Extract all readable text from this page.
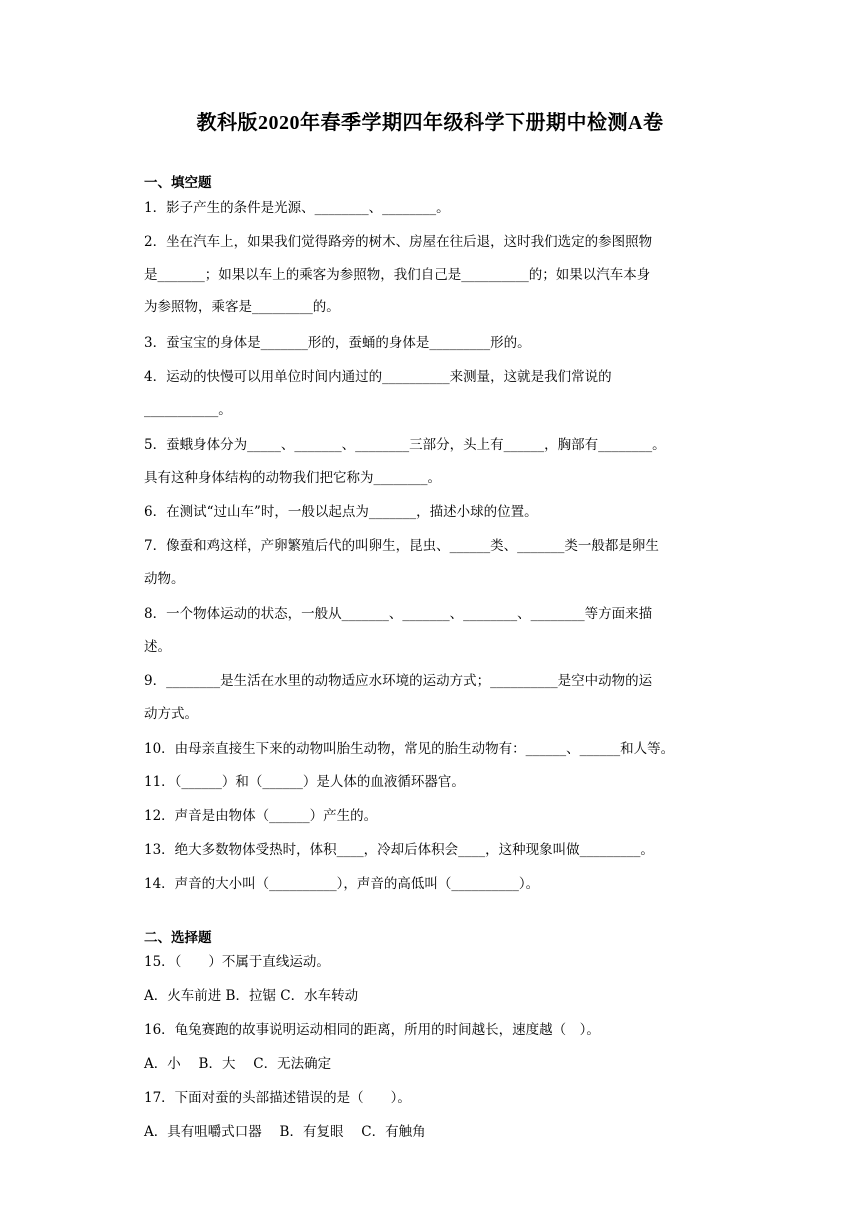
教科版2020年春季学期四年级科学下册期中检测A卷
一、填空题
1．影子产生的条件是光源、________、________。
2．坐在汽车上，如果我们觉得路旁的树木、房屋在往后退，这时我们选定的参图照物
是_______；如果以车上的乘客为参照物，我们自己是__________的；如果以汽车本身
为参照物，乘客是_________的。
3．蚕宝宝的身体是_______形的，蚕蛹的身体是_________形的。
4．运动的快慢可以用单位时间内通过的__________来测量，这就是我们常说的
___________。
5．蚕蛾身体分为_____、_______、________三部分，头上有______，胸部有________。
具有这种身体结构的动物我们把它称为________。
6．在测试“过山车”时，一般以起点为_______，描述小球的位置。
7．像蚕和鸡这样，产卵繁殖后代的叫卵生，昆虫、______类、_______类一般都是卵生
动物。
8．一个物体运动的状态，一般从_______、_______、________、________等方面来描
述。
9．________是生活在水里的动物适应水环境的运动方式；__________是空中动物的运
动方式。
10．由母亲直接生下来的动物叫胎生动物，常见的胎生动物有：______、______和人等。
11．（______）和（______）是人体的血液循环器官。
12．声音是由物体（______）产生的。
13．绝大多数物体受热时，体积____，冷却后体积会____，这种现象叫做_________。
14．声音的大小叫（__________），声音的高低叫（__________）。
二、选择题
15．（　　）不属于直线运动。
A．火车前进 B．拉锯 C．水车转动
16．龟兔赛跑的故事说明运动相同的距离，所用的时间越长，速度越（　）。
A．小　 B．大　 C．无法确定
17．下面对蚕的头部描述错误的是（　　）。
A．具有咀嚼式口器　 B．有复眼　 C．有触角
